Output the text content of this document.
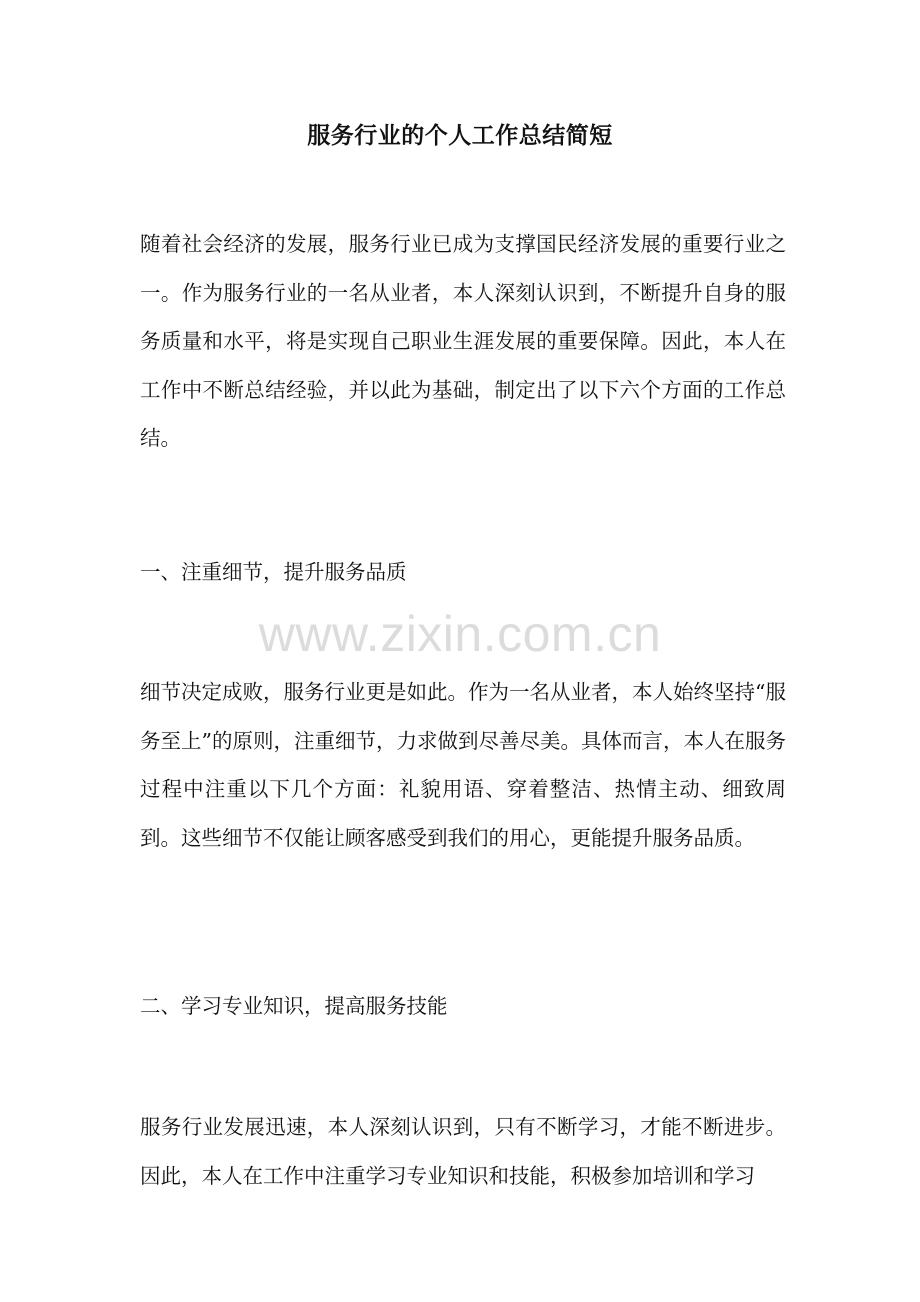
服务行业的个人工作总结简短

随着社会经济的发展，服务行业已成为支撑国民经济发展的重要行业之一。作为服务行业的一名从业者，本人深刻认识到，不断提升自身的服务质量和水平，将是实现自己职业生涯发展的重要保障。因此，本人在工作中不断总结经验，并以此为基础，制定出了以下六个方面的工作总结。

一、注重细节，提升服务品质

www.zixin.com.cn

细节决定成败，服务行业更是如此。作为一名从业者，本人始终坚持“服务至上”的原则，注重细节，力求做到尽善尽美。具体而言，本人在服务过程中注重以下几个方面：礼貌用语、穿着整洁、热情主动、细致周到。这些细节不仅能让顾客感受到我们的用心，更能提升服务品质。

二、学习专业知识，提高服务技能

服务行业发展迅速，本人深刻认识到，只有不断学习，才能不断进步。因此，本人在工作中注重学习专业知识和技能，积极参加培训和学习
